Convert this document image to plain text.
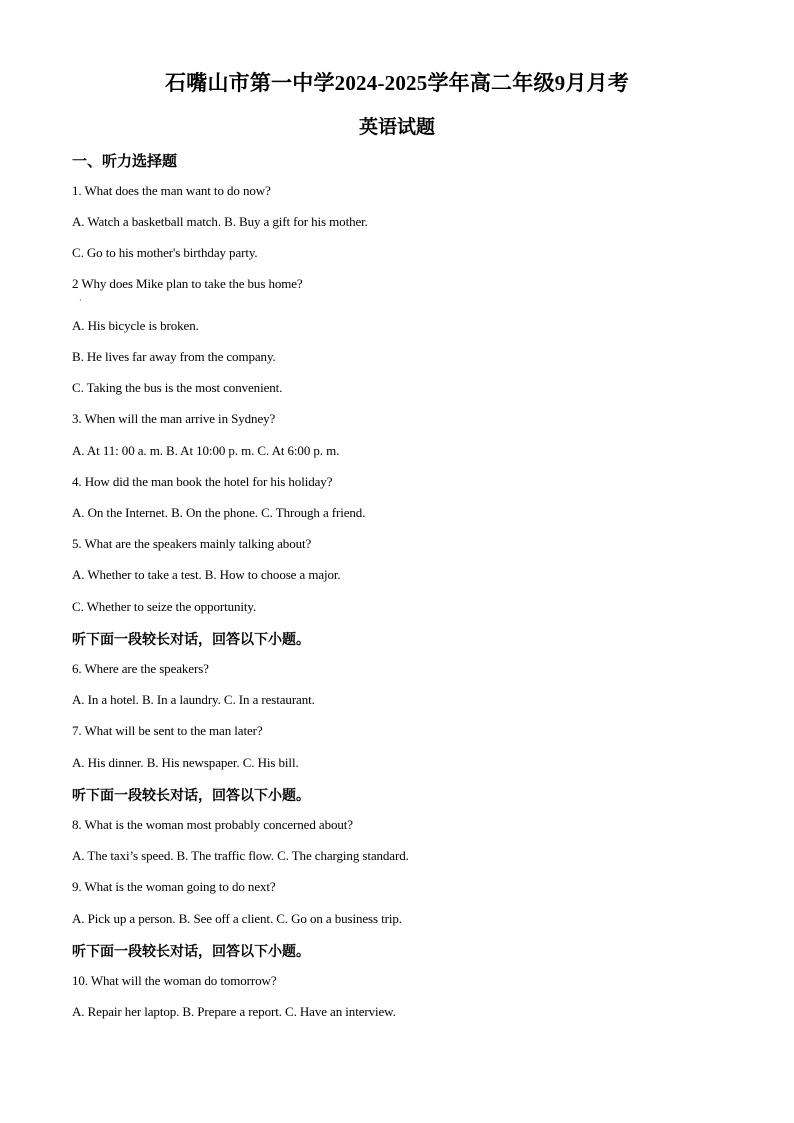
石嘴山市第一中学2024-2025学年高二年级9月月考
英语试题
一、听力选择题
1. What does the man want to do now?
A. Watch a basketball match. B. Buy a gift for his mother.
C. Go to his mother's birthday party.
2 Why does Mike plan to take the bus home?
·
A. His bicycle is broken.
B. He lives far away from the company.
C. Taking the bus is the most convenient.
3. When will the man arrive in Sydney?
A. At 11: 00 a. m. B. At 10:00 p. m. C. At 6:00 p. m.
4. How did the man book the hotel for his holiday?
A. On the Internet. B. On the phone. C. Through a friend.
5. What are the speakers mainly talking about?
A. Whether to take a test. B. How to choose a major.
C. Whether to seize the opportunity.
听下面一段较长对话，回答以下小题。
6. Where are the speakers?
A. In a hotel. B. In a laundry. C. In a restaurant.
7. What will be sent to the man later?
A. His dinner. B. His newspaper. C. His bill.
听下面一段较长对话，回答以下小题。
8. What is the woman most probably concerned about?
A. The taxi’s speed. B. The traffic flow. C. The charging standard.
9. What is the woman going to do next?
A. Pick up a person. B. See off a client. C. Go on a business trip.
听下面一段较长对话，回答以下小题。
10. What will the woman do tomorrow?
A. Repair her laptop. B. Prepare a report. C. Have an interview.
